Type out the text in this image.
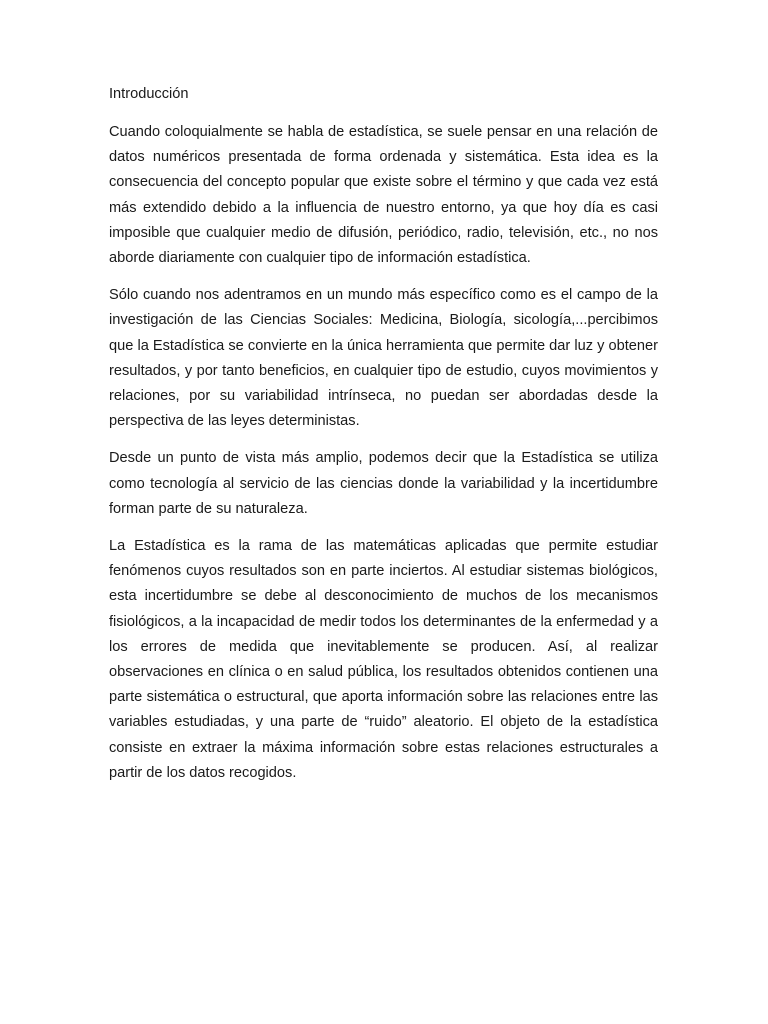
Introducción

Cuando coloquialmente se habla de estadística, se suele pensar en una relación de datos numéricos presentada de forma ordenada y sistemática. Esta idea es la consecuencia del concepto popular que existe sobre el término y que cada vez está más extendido debido a la influencia de nuestro entorno, ya que hoy día es casi imposible que cualquier medio de difusión, periódico, radio, televisión, etc., no nos aborde diariamente con cualquier tipo de información estadística.

Sólo cuando nos adentramos en un mundo más específico como es el campo de la investigación de las Ciencias Sociales: Medicina, Biología, sicología,...percibimos que la Estadística se convierte en la única herramienta que permite dar luz y obtener resultados, y por tanto beneficios, en cualquier tipo de estudio, cuyos movimientos y relaciones, por su variabilidad intrínseca, no puedan ser abordadas desde la perspectiva de las leyes deterministas.

Desde un punto de vista más amplio, podemos decir que la Estadística se utiliza como tecnología al servicio de las ciencias donde la variabilidad y la incertidumbre forman parte de su naturaleza.

La Estadística es la rama de las matemáticas aplicadas que permite estudiar fenómenos cuyos resultados son en parte inciertos. Al estudiar sistemas biológicos, esta incertidumbre se debe al desconocimiento de muchos de los mecanismos fisiológicos, a la incapacidad de medir todos los determinantes de la enfermedad y a los errores de medida que inevitablemente se producen. Así, al realizar observaciones en clínica o en salud pública, los resultados obtenidos contienen una parte sistemática o estructural, que aporta información sobre las relaciones entre las variables estudiadas, y una parte de “ruido” aleatorio. El objeto de la estadística consiste en extraer la máxima información sobre estas relaciones estructurales a partir de los datos recogidos.
